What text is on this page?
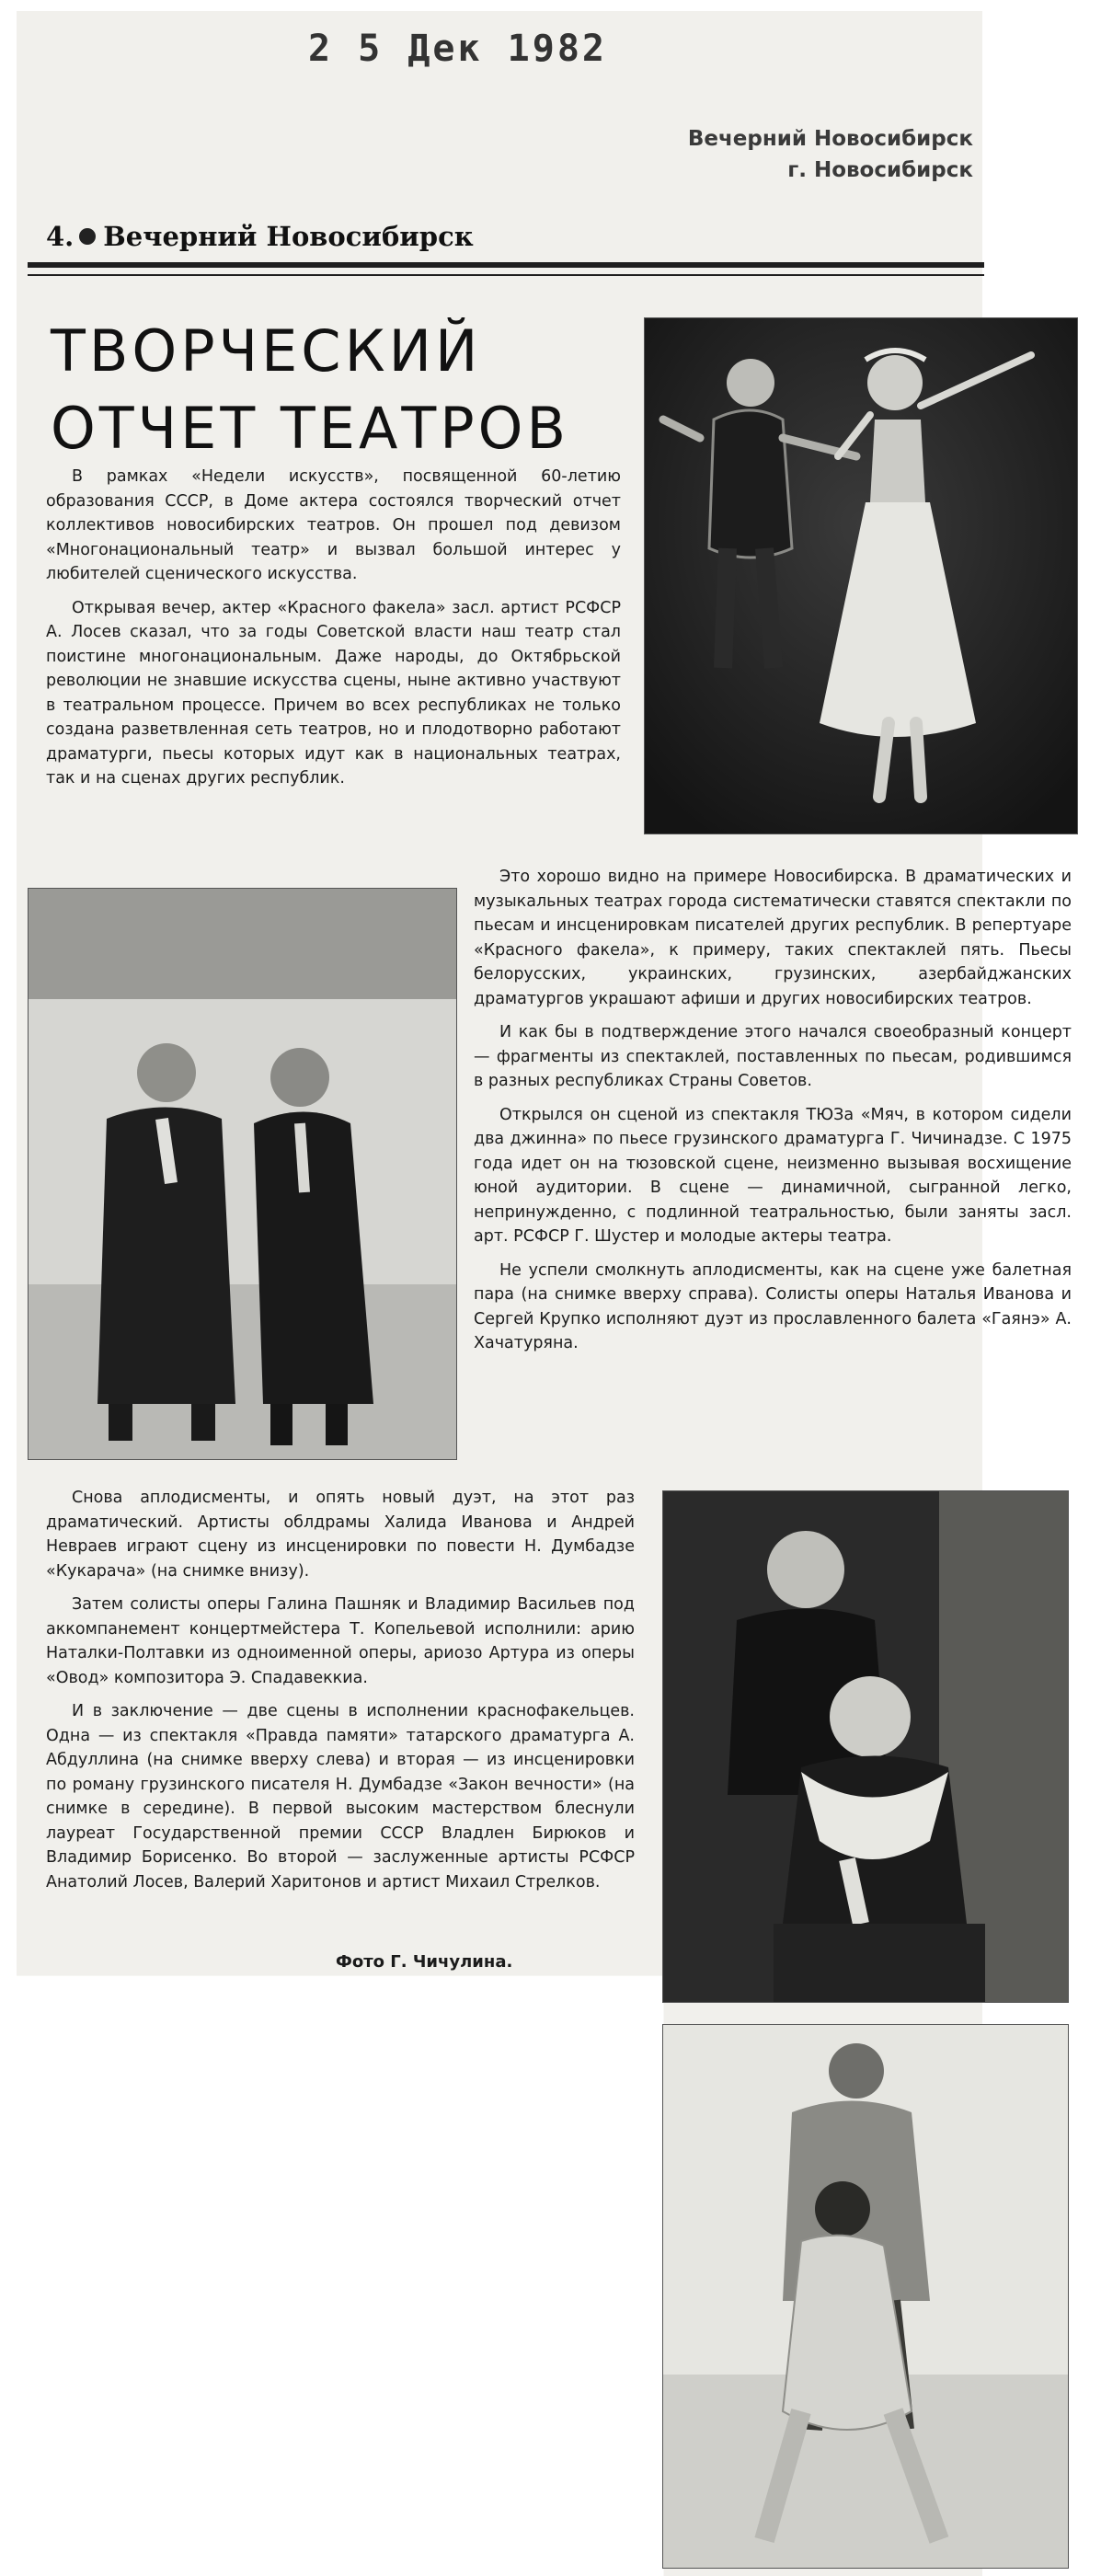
2 5 Дек 1982
Вечерний Новосибирск
г. Новосибирск
4. Вечерний Новосибирск
ТВОРЧЕСКИЙ
ОТЧЕТ ТЕАТРОВ

В рамках «Недели искусств», посвященной 60-летию образования СССР, в Доме актера состоялся творческий отчет коллективов новосибирских театров. Он прошел под девизом «Многонациональный театр» и вызвал большой интерес у любителей сценического искусства.

Открывая вечер, актер «Красного факела» засл. артист РСФСР А. Лосев сказал, что за годы Советской власти наш театр стал поистине многонациональным. Даже народы, до Октябрьской революции не знавшие искусства сцены, ныне активно участвуют в театральном процессе. Причем во всех республиках не только создана разветвленная сеть театров, но и плодотворно работают драматурги, пьесы которых идут как в национальных театрах, так и на сценах других республик.

Это хорошо видно на примере Новосибирска. В драматических и музыкальных театрах города систематически ставятся спектакли по пьесам и инсценировкам писателей других республик. В репертуаре «Красного факела», к примеру, таких спектаклей пять. Пьесы белорусских, украинских, грузинских, азербайджанских драматургов украшают афиши и других новосибирских театров.

И как бы в подтверждение этого начался своеобразный концерт — фрагменты из спектаклей, поставленных по пьесам, родившимся в разных республиках Страны Советов.

Открылся он сценой из спектакля ТЮЗа «Мяч, в котором сидели два джинна» по пьесе грузинского драматурга Г. Чичинадзе. С 1975 года идет он на тюзовской сцене, неизменно вызывая восхищение юной аудитории. В сцене — динамичной, сыгранной легко, непринужденно, с подлинной театральностью, были заняты засл. арт. РСФСР Г. Шустер и молодые актеры театра.

Не успели смолкнуть аплодисменты, как на сцене уже балетная пара (на снимке вверху справа). Солисты оперы Наталья Иванова и Сергей Крупко исполняют дуэт из прославленного балета «Гаянэ» А. Хачатуряна.

Снова аплодисменты, и опять новый дуэт, на этот раз драматический. Артисты облдрамы Халида Иванова и Андрей Невраев играют сцену из инсценировки по повести Н. Думбадзе «Кукарача» (на снимке внизу).

Затем солисты оперы Галина Пашняк и Владимир Васильев под аккомпанемент концертмейстера Т. Копельевой исполнили: арию Наталки-Полтавки из одноименной оперы, ариозо Артура из оперы «Овод» композитора Э. Спадавеккиа.

И в заключение — две сцены в исполнении краснофакельцев. Одна — из спектакля «Правда памяти» татарского драматурга А. Абдуллина (на снимке вверху слева) и вторая — из инсценировки по роману грузинского писателя Н. Думбадзе «Закон вечности» (на снимке в середине). В первой высоким мастерством блеснули лауреат Государственной премии СССР Владлен Бирюков и Владимир Борисенко. Во второй — заслуженные артисты РСФСР Анатолий Лосев, Валерий Харитонов и артист Михаил Стрелков.

Фото Г. Чичулина.
